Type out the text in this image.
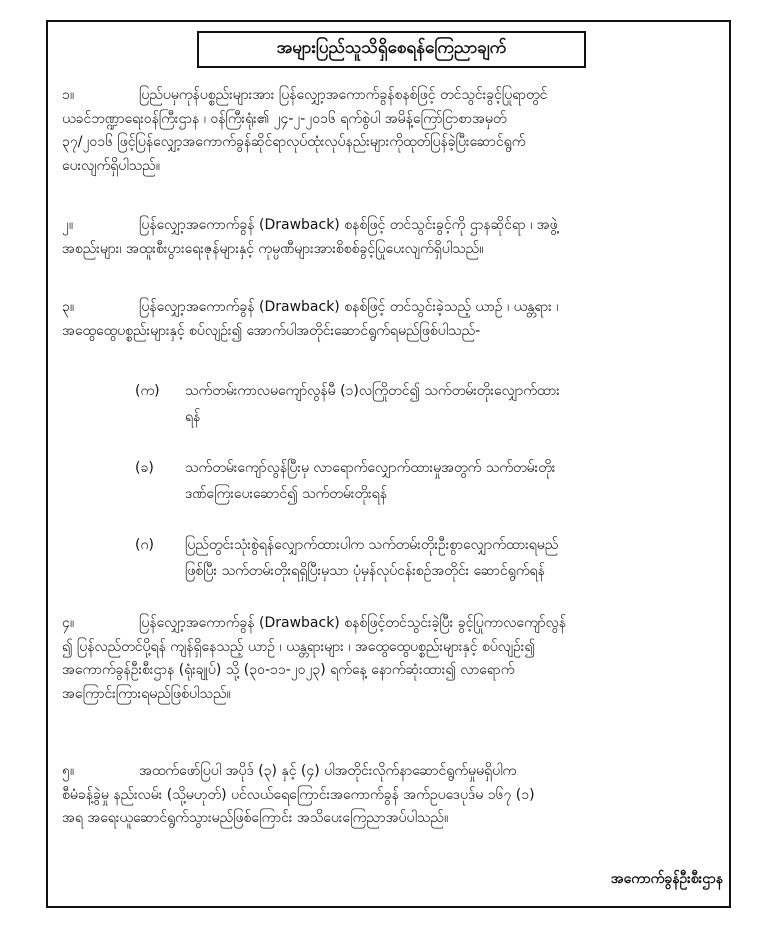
အများပြည်သူသိရှိစေရန်ကြေညာချက်
၁။	ပြည်ပမှကုန်ပစ္စည်းများအား ပြန်လျှော့အကောက်ခွန်စနစ်ဖြင့် တင်သွင်းခွင့်ပြုရာတွင်
ယခင်ဘဏ္ဍာရေးဝန်ကြီးဌာန ၊ ဝန်ကြီးရုံး၏ ၂၄-၂-၂၀၁၆ ရက်စွဲပါ အမိန့်ကြော်ငြာစာအမှတ်
၃၇/၂၀၁၆ ဖြင့်ပြန်လျှော့အကောက်ခွန်ဆိုင်ရာလုပ်ထုံးလုပ်နည်းများကိုထုတ်ပြန်ခဲ့ပြီးဆောင်ရွက်
ပေးလျက်ရှိပါသည်။
၂။	ပြန်လျှော့အကောက်ခွန် (Drawback) စနစ်ဖြင့် တင်သွင်းခွင့်ကို ဌာနဆိုင်ရာ ၊ အဖွဲ့
အစည်းများ၊ အထူးစီးပွားရေးဇုန်များနှင့် ကုမ္ပဏီများအားစိစစ်ခွင့်ပြုပေးလျက်ရှိပါသည်။
၃။	ပြန်လျှော့အကောက်ခွန် (Drawback) စနစ်ဖြင့် တင်သွင်းခဲ့သည့် ယာဉ် ၊ ယန္တရား ၊
အထွေထွေပစ္စည်းများနှင့် စပ်လျဉ်း၍ အောက်ပါအတိုင်းဆောင်ရွက်ရမည်ဖြစ်ပါသည်-
(က)	သက်တမ်းကာလမကျော်လွန်မီ (၁)လကြိုတင်၍ သက်တမ်းတိုးလျှောက်ထား
ရန်
(ခ)	သက်တမ်းကျော်လွန်ပြီးမှ လာရောက်လျှောက်ထားမှုအတွက် သက်တမ်းတိုး
ဒဏ်ကြေးပေးဆောင်၍ သက်တမ်းတိုးရန်
(ဂ)	ပြည်တွင်းသုံးစွဲရန်လျှောက်ထားပါက သက်တမ်းတိုးဦးစွာလျှောက်ထားရမည်
ဖြစ်ပြီး သက်တမ်းတိုးရရှိပြီးမှသာ ပုံမှန်လုပ်ငန်းစဉ်အတိုင်း ဆောင်ရွက်ရန်
၄။	ပြန်လျှော့အကောက်ခွန် (Drawback) စနစ်ဖြင့်တင်သွင်းခဲ့ပြီး ခွင့်ပြုကာလကျော်လွန်
၍ ပြန်လည်တင်ပို့ရန် ကျန်ရှိနေသည့် ယာဉ် ၊ ယန္တရားများ ၊ အထွေထွေပစ္စည်းများနှင့် စပ်လျဉ်း၍
အကောက်ခွန်ဦးစီးဌာန (ရုံးချုပ်) သို့ (၃၀-၁၁-၂၀၂၃) ရက်နေ့ နောက်ဆုံးထား၍ လာရောက်
အကြောင်းကြားရမည်ဖြစ်ပါသည်။
၅။	အထက်ဖော်ပြပါ အပိုဒ် (၃) နှင့် (၄) ပါအတိုင်းလိုက်နာဆောင်ရွက်မှုမရှိပါက
စီမံခန့်ခွဲမှု နည်းလမ်း (သို့မဟုတ်) ပင်လယ်ရေကြောင်းအကောက်ခွန် အက်ဥပဒေပုဒ်မ ၁၆၇ (၁)
အရ အရေးယူဆောင်ရွက်သွားမည်ဖြစ်ကြောင်း အသိပေးကြေညာအပ်ပါသည်။
အကောက်ခွန်ဦးစီးဌာန
